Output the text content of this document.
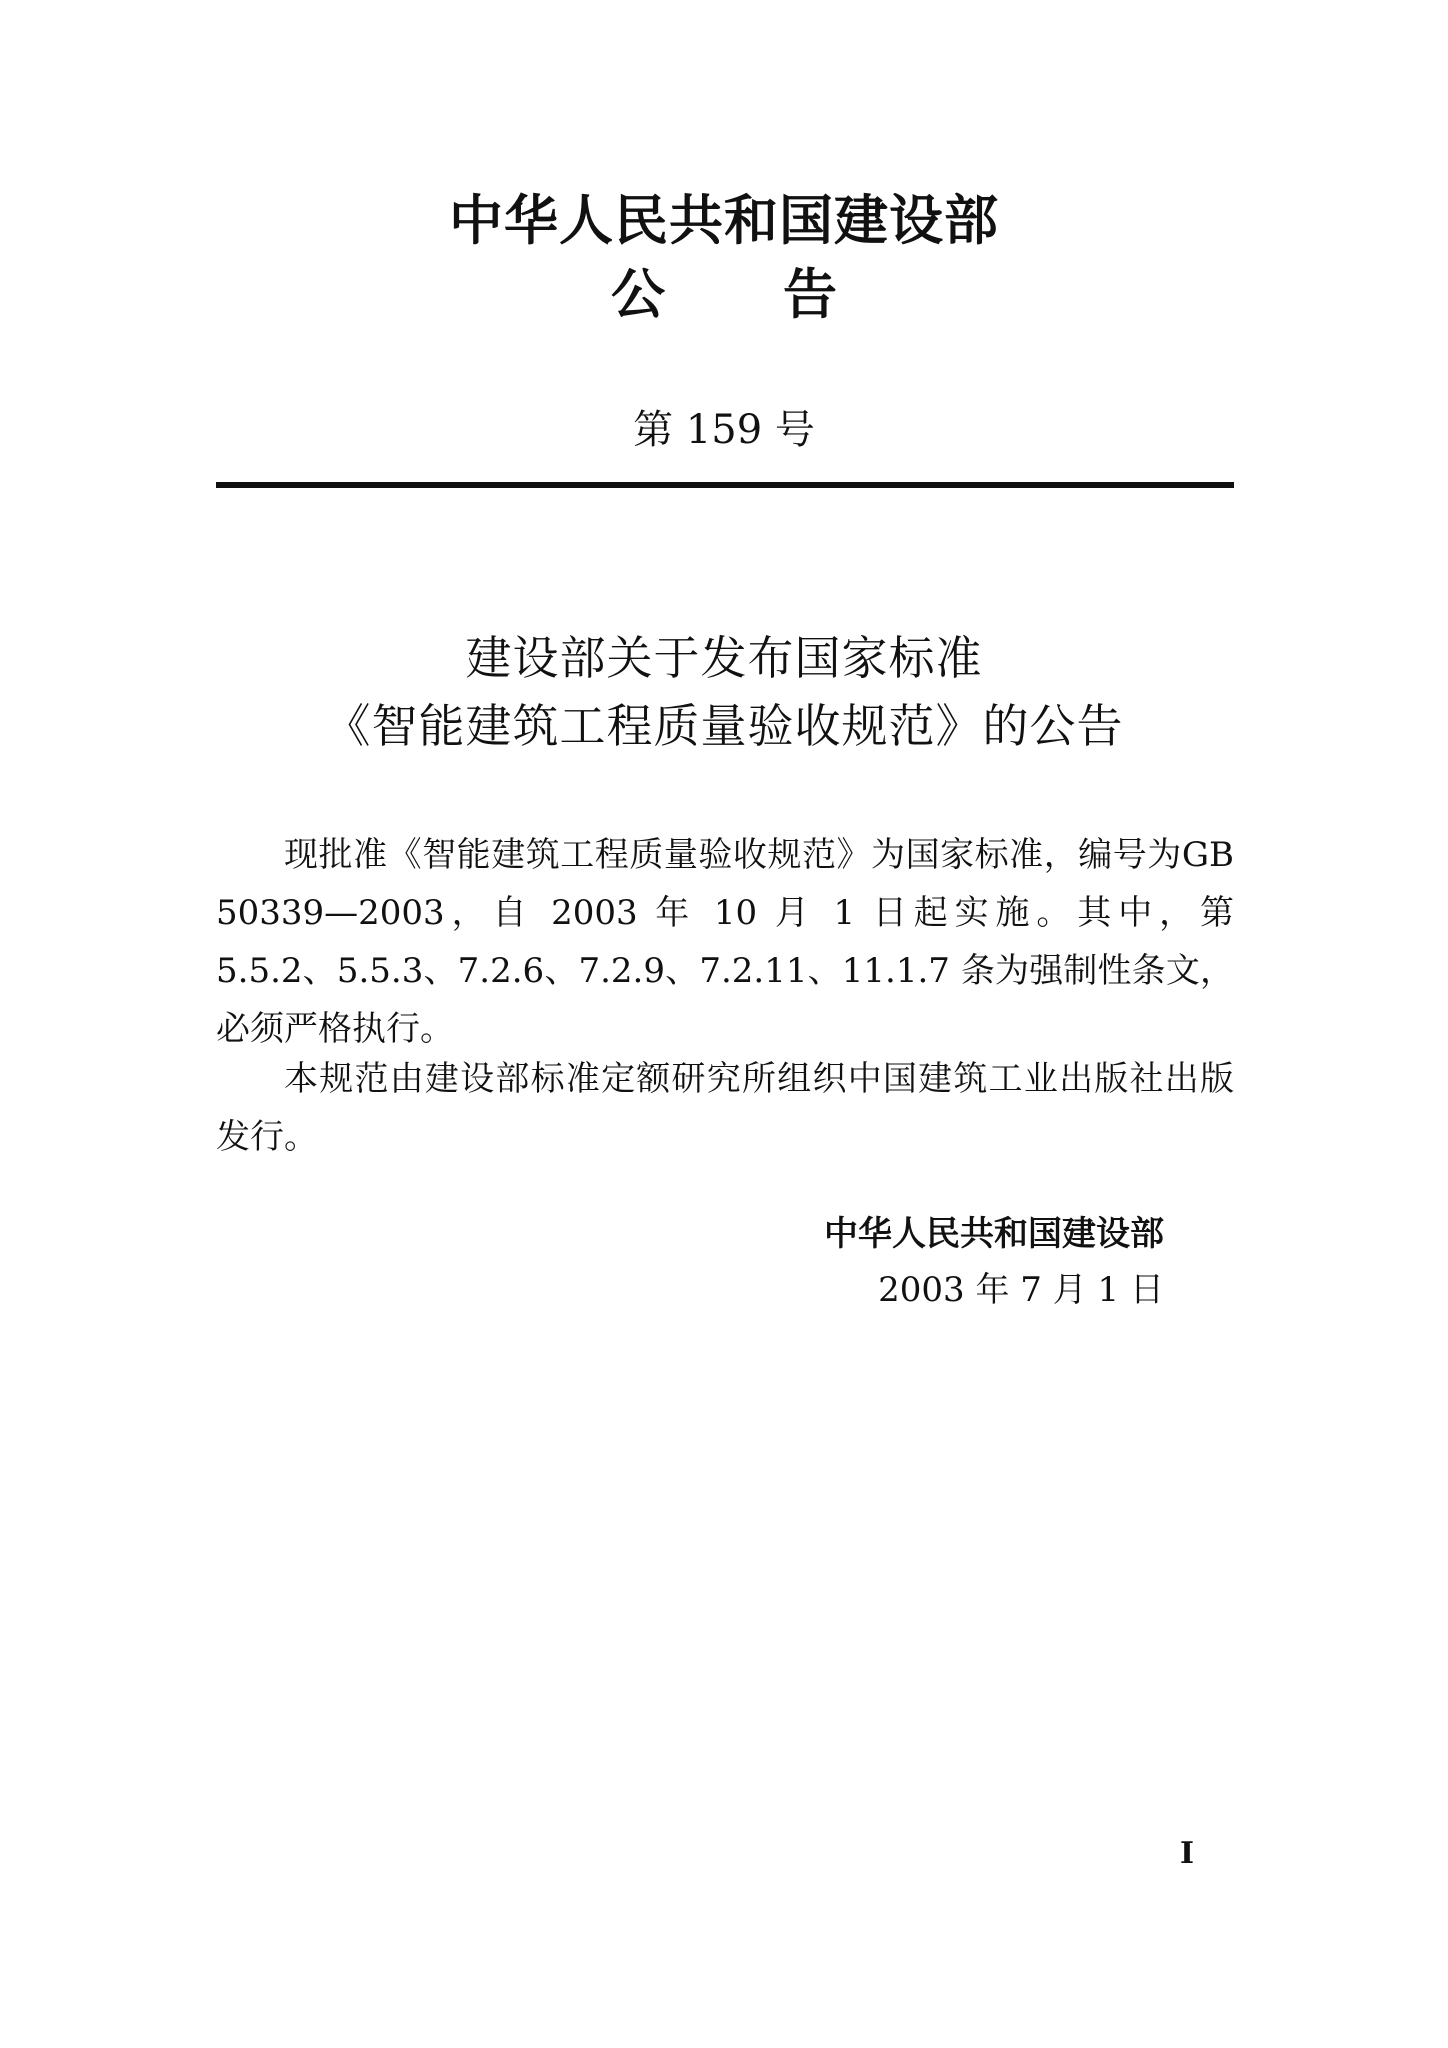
中华人民共和国建设部
公 告
第 159 号
建设部关于发布国家标准
《智能建筑工程质量验收规范》的公告

现批准《智能建筑工程质量验收规范》为国家标准，编号为GB 50339—2003，自 2003 年 10 月 1 日起实施。其中，第 5.5.2、5.5.3、7.2.6、7.2.9、7.2.11、11.1.7 条为强制性条文，必须严格执行。

本规范由建设部标准定额研究所组织中国建筑工业出版社出版发行。

中华人民共和国建设部
2003 年 7 月 1 日
I
